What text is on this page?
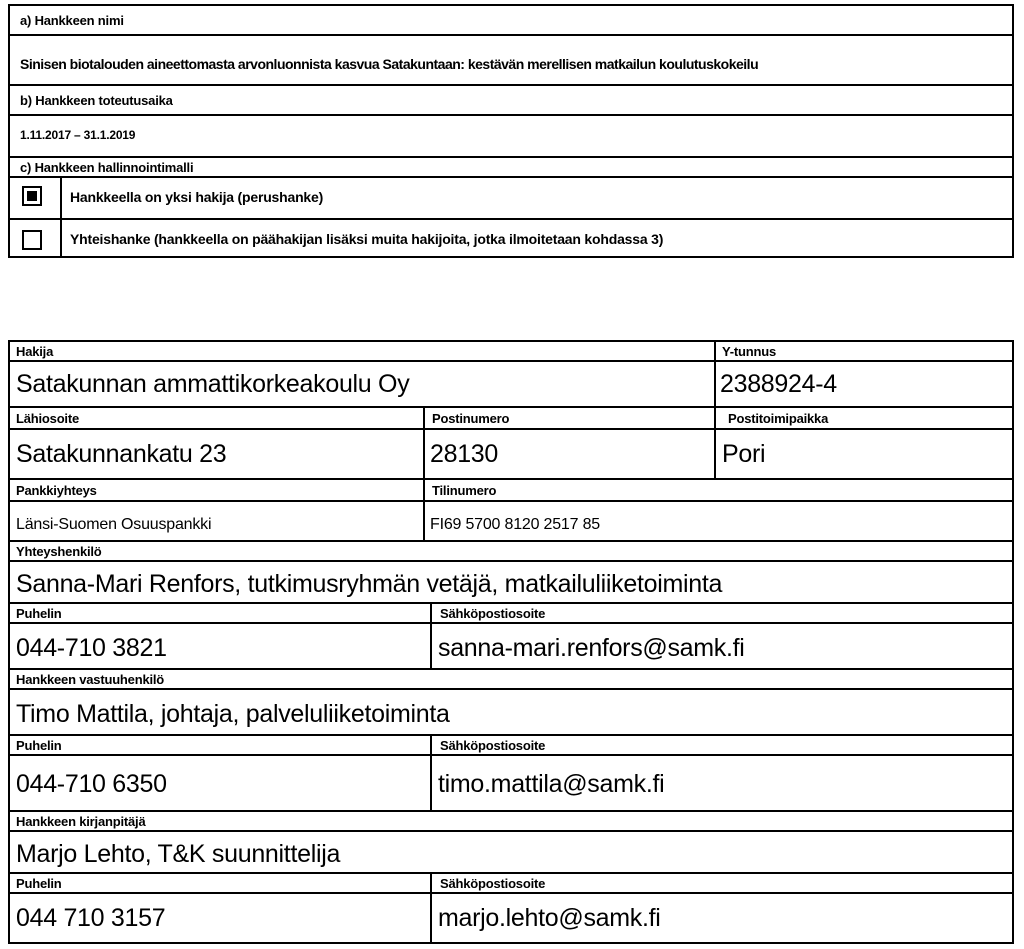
a) Hankkeen nimi
Sinisen biotalouden aineettomasta arvonluonnista kasvua Satakuntaan: kestävän merellisen matkailun koulutuskokeilu
b) Hankkeen toteutusaika
1.11.2017 – 31.1.2019
c) Hankkeen hallinnointimalli
Hankkeella on yksi hakija (perushanke)
Yhteishanke (hankkeella on päähakijan lisäksi muita hakijoita, jotka ilmoitetaan kohdassa 3)
Hakija
Satakunnan ammattikorkeakoulu Oy
Y-tunnus
2388924-4
Lähiosoite
Satakunnankatu 23
Postinumero
28130
Postitoimipaikka
Pori
Pankkiyhteys
Länsi-Suomen Osuuspankki
Tilinumero
FI69 5700 8120 2517 85
Yhteyshenkilö
Sanna-Mari Renfors, tutkimusryhmän vetäjä, matkailuliiketoiminta
Puhelin
044-710 3821
Sähköpostiosoite
sanna-mari.renfors@samk.fi
Hankkeen vastuuhenkilö
Timo Mattila, johtaja, palveluliiketoiminta
Puhelin
044-710 6350
Sähköpostiosoite
timo.mattila@samk.fi
Hankkeen kirjanpitäjä
Marjo Lehto, T&K suunnittelija
Puhelin
044 710 3157
Sähköpostiosoite
marjo.lehto@samk.fi
